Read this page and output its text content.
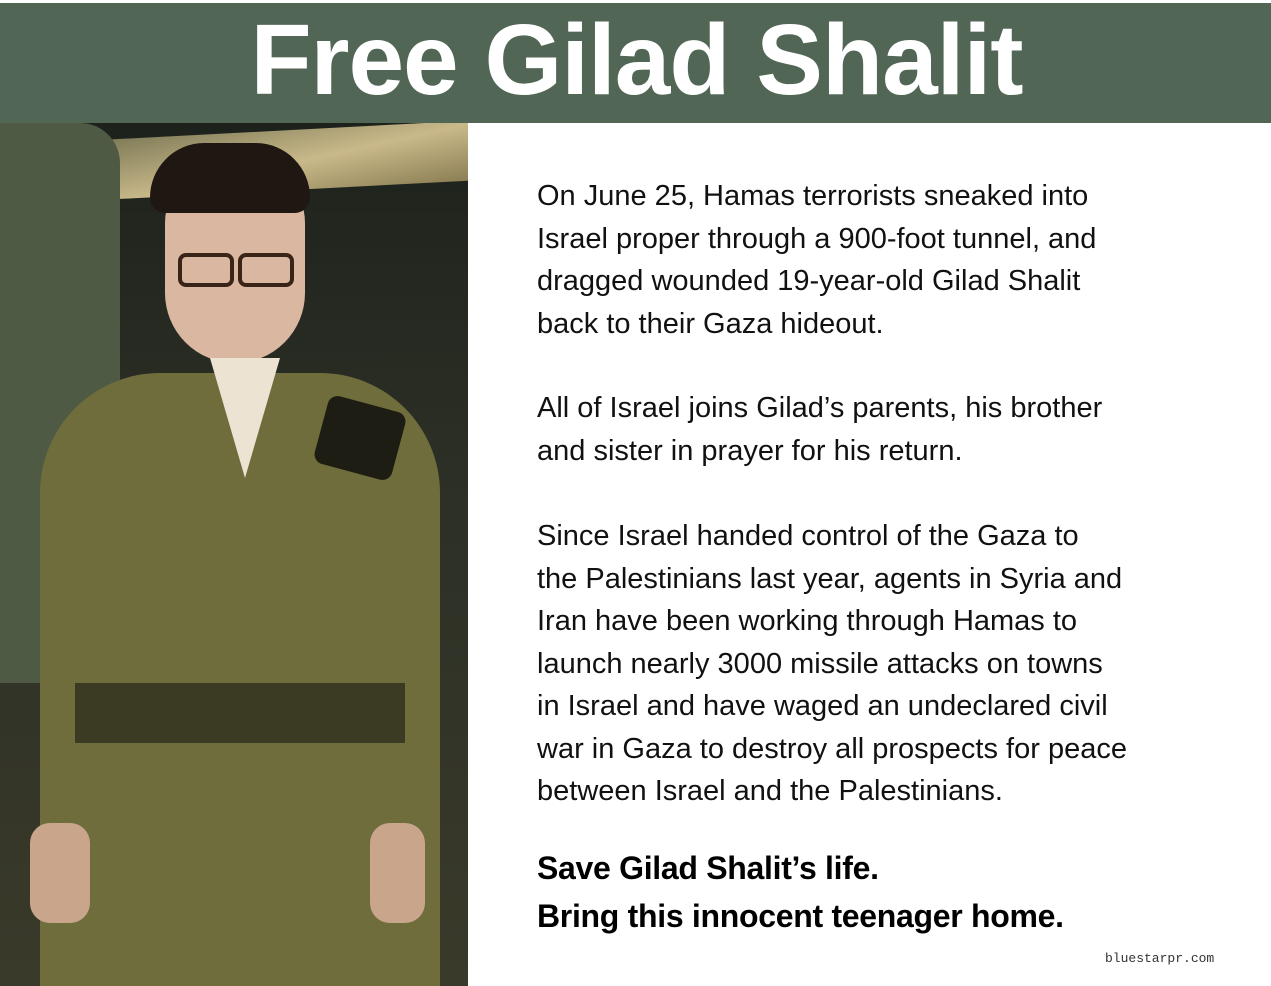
Free Gilad Shalit
On June 25, Hamas terrorists sneaked into
Israel proper through a 900-foot tunnel, and
dragged wounded 19-year-old Gilad Shalit
back to their Gaza hideout.
All of Israel joins Gilad’s parents, his brother
and sister in prayer for his return.
Since Israel handed control of the Gaza to
the Palestinians last year, agents in Syria and
Iran have been working through Hamas to
launch nearly 3000 missile attacks on towns
in Israel and have waged an undeclared civil
war in Gaza to destroy all prospects for peace
between Israel and the Palestinians.
Save Gilad Shalit’s life.
Bring this innocent teenager home.
bluestarpr.com
